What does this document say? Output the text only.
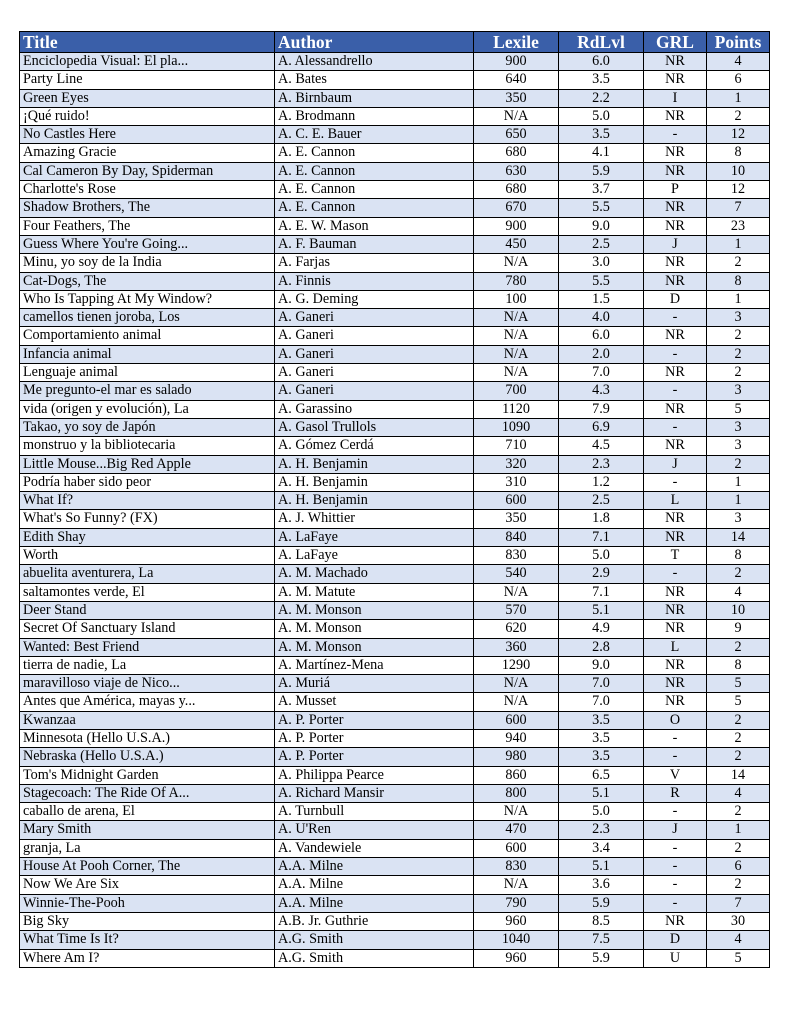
Title	Author	Lexile	RdLvl	GRL	Points
Enciclopedia Visual: El pla...	A. Alessandrello	900	6.0	NR	4
Party Line	A. Bates	640	3.5	NR	6
Green Eyes	A. Birnbaum	350	2.2	I	1
¡Qué ruido!	A. Brodmann	N/A	5.0	NR	2
No Castles Here	A. C. E. Bauer	650	3.5	-	12
Amazing Gracie	A. E. Cannon	680	4.1	NR	8
Cal Cameron By Day, Spiderman	A. E. Cannon	630	5.9	NR	10
Charlotte's Rose	A. E. Cannon	680	3.7	P	12
Shadow Brothers, The	A. E. Cannon	670	5.5	NR	7
Four Feathers, The	A. E. W. Mason	900	9.0	NR	23
Guess Where You're Going...	A. F. Bauman	450	2.5	J	1
Minu, yo soy de la India	A. Farjas	N/A	3.0	NR	2
Cat-Dogs, The	A. Finnis	780	5.5	NR	8
Who Is Tapping At My Window?	A. G. Deming	100	1.5	D	1
camellos tienen joroba, Los	A. Ganeri	N/A	4.0	-	3
Comportamiento animal	A. Ganeri	N/A	6.0	NR	2
Infancia animal	A. Ganeri	N/A	2.0	-	2
Lenguaje animal	A. Ganeri	N/A	7.0	NR	2
Me pregunto-el mar es salado	A. Ganeri	700	4.3	-	3
vida (origen y evolución), La	A. Garassino	1120	7.9	NR	5
Takao, yo soy de Japón	A. Gasol Trullols	1090	6.9	-	3
monstruo y la bibliotecaria	A. Gómez Cerdá	710	4.5	NR	3
Little Mouse...Big Red Apple	A. H. Benjamin	320	2.3	J	2
Podría haber sido peor	A. H. Benjamin	310	1.2	-	1
What If?	A. H. Benjamin	600	2.5	L	1
What's So Funny? (FX)	A. J. Whittier	350	1.8	NR	3
Edith Shay	A. LaFaye	840	7.1	NR	14
Worth	A. LaFaye	830	5.0	T	8
abuelita aventurera, La	A. M. Machado	540	2.9	-	2
saltamontes verde, El	A. M. Matute	N/A	7.1	NR	4
Deer Stand	A. M. Monson	570	5.1	NR	10
Secret Of Sanctuary Island	A. M. Monson	620	4.9	NR	9
Wanted: Best Friend	A. M. Monson	360	2.8	L	2
tierra de nadie, La	A. Martínez-Mena	1290	9.0	NR	8
maravilloso viaje de Nico...	A. Muriá	N/A	7.0	NR	5
Antes que América, mayas y...	A. Musset	N/A	7.0	NR	5
Kwanzaa	A. P. Porter	600	3.5	O	2
Minnesota (Hello U.S.A.)	A. P. Porter	940	3.5	-	2
Nebraska (Hello U.S.A.)	A. P. Porter	980	3.5	-	2
Tom's Midnight Garden	A. Philippa Pearce	860	6.5	V	14
Stagecoach: The Ride Of A...	A. Richard Mansir	800	5.1	R	4
caballo de arena, El	A. Turnbull	N/A	5.0	-	2
Mary Smith	A. U'Ren	470	2.3	J	1
granja, La	A. Vandewiele	600	3.4	-	2
House At Pooh Corner, The	A.A. Milne	830	5.1	-	6
Now We Are Six	A.A. Milne	N/A	3.6	-	2
Winnie-The-Pooh	A.A. Milne	790	5.9	-	7
Big Sky	A.B. Jr. Guthrie	960	8.5	NR	30
What Time Is It?	A.G. Smith	1040	7.5	D	4
Where Am I?	A.G. Smith	960	5.9	U	5
